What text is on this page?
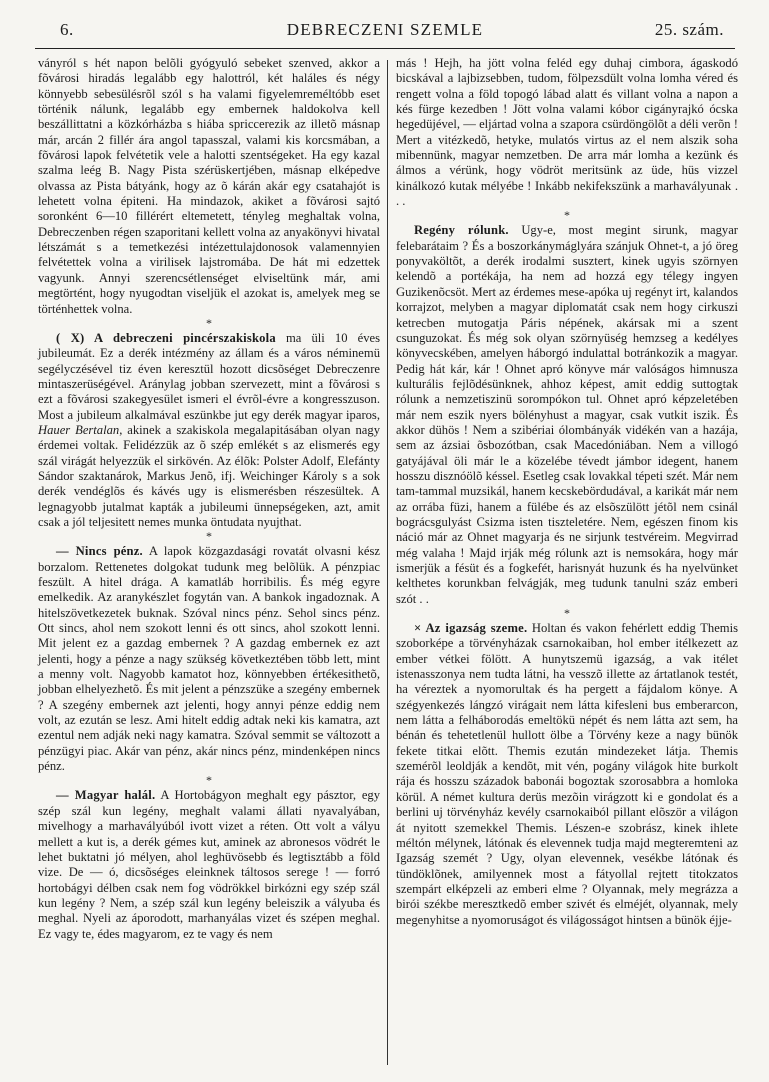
6.	DEBRECZENI SZEMLE	25. szám.

ványról s hét napon belõli gyógyuló sebeket szenved, akkor a fõvárosi hiradás legalább egy halottról, két haláles és négy könnyebb sebesülésrõl szól s ha valami figyelemreméltóbb eset történik nálunk, legalább egy embernek haldokolva kell beszállittatni a közkórházba s hiába spriccerezik az illetõ másnap már, arcán 2 fillér ára angol tapasszal, valami kis korcsmában, a fõvárosi lapok felvétetik vele a halotti szentségeket. Ha egy kazal szalma leég B. Nagy Pista szérüskertjében, másnap elképedve olvassa az Pista bátyánk, hogy az õ kárán akár egy csatahajót is lehetett volna épiteni. Ha mindazok, akiket a fõvárosi sajtó soronként 6—10 fillérért eltemetett, tényleg meghaltak volna, Debreczenben régen szaporitani kellett volna az anyakönyvi hivatal létszámát s a temetkezési intézettulajdonosok valamennyien felvétettek volna a virilisek lajstromába. De hát mi edzettek vagyunk. Annyi szerencsétlenséget elviseltünk már, ami megtörtént, hogy nyugodtan viseljük el azokat is, amelyek meg se történhettek volna.

*

( X) A debreczeni pincérszakiskola ma üli 10 éves jubileumát. Ez a derék intézmény az állam és a város néminemü segélyczésével tiz éven keresztül hozott dicsõséget Debreczenre mintaszerüségével. Aránylag jobban szervezett, mint a fõvárosi s ezt a fõvárosi szakegyesület ismeri el évrõl-évre a kongresszuson. Most a jubileum alkalmával eszünkbe jut egy derék magyar iparos, Hauer Bertalan, akinek a szakiskola megalapitásában olyan nagy érdemei voltak. Felidézzük az õ szép emlékét s az elismerés egy szál virágát helyezzük el sirkövén. Az élõk: Polster Adolf, Elefánty Sándor szaktanárok, Markus Jenõ, ifj. Weichinger Károly s a sok derék vendéglõs és kávés ugy is elismerésben részesültek. A legnagyobb jutalmat kapták a jubileumi ünnepségeken, azt, amit csak a jól teljesitett nemes munka öntudata nyujthat.

*

— Nincs pénz. A lapok közgazdasági rovatát olvasni kész borzalom. Rettenetes dolgokat tudunk meg belõlük. A pénzpiac feszült. A hitel drága. A kamatláb horribilis. És még egyre emelkedik. Az aranykészlet fogytán van. A bankok ingadoznak. A hitelszövetkezetek buknak. Szóval nincs pénz. Sehol sincs pénz. Ott sincs, ahol nem szokott lenni és ott sincs, ahol szokott lenni. Mit jelent ez a gazdag embernek ? A gazdag embernek ez azt jelenti, hogy a pénze a nagy szükség következtében több lett, mint a menny volt. Nagyobb kamatot hoz, könnyebben értékesithetõ, jobban elhelyezhetõ. És mit jelent a pénzszüke a szegény embernek ? A szegény embernek azt jelenti, hogy annyi pénze eddig nem volt, az ezután se lesz. Ami hitelt eddig adtak neki kis kamatra, azt ezentul nem adják neki nagy kamatra. Szóval semmit se változott a pénzügyi piac. Akár van pénz, akár nincs pénz, mindenképen nincs pénz.

*

— Magyar halál. A Hortobágyon meghalt egy pásztor, egy szép szál kun legény, meghalt valami állati nyavalyában, mivelhogy a marhavályúból ivott vizet a réten. Ott volt a vályu mellett a kut is, a derék gémes kut, aminek az abronesos vödrét le lehet buktatni jó mélyen, ahol leghüvösebb és legtisztább a föld vize. De — ó, dicsõséges eleinknek táltosos serege ! — forró hortobágyi délben csak nem fog vödrökkel birkózni egy szép szál kun legény ? Nem, a szép szál kun legény beleiszik a vályuba és meghal. Nyeli az áporodott, marhanyálas vizet és szépen meghal. Ez vagy te, édes magyarom, ez te vagy és nem

más ! Hejh, ha jött volna feléd egy duhaj cimbora, ágaskodó bicskával a lajbizsebben, tudom, fölpezsdült volna lomha véred és rengett volna a föld topogó lábad alatt és villant volna a napon a kés fürge kezedben ! Jött volna valami kóbor cigányrajkó ócska hegedüjével, — eljártad volna a szapora csürdöngölõt a déli verõn ! Mert a vitézkedõ, hetyke, mulatós virtus az el nem alszik soha mibennünk, magyar nemzetben. De arra már lomha a kezünk és álmos a vérünk, hogy vödröt meritsünk az üde, hüs vizzel kinálkozó kutak mélyébe ! Inkább nekifekszünk a marhavályunak . . .

*

Regény rólunk. Ugy-e, most megint sirunk, magyar felebarátaim ? És a boszorkánymáglyára szánjuk Ohnet-t, a jó öreg ponyvaköltõt, a derék irodalmi susztert, kinek ugyis szörnyen kelendõ a portékája, ha nem ad hozzá egy télegy ingyen Guzikenõcsöt. Mert az érdemes mese-apóka uj regényt irt, kalandos korrajzot, melyben a magyar diplomatát csak nem hogy cirkuszi ketrecben mutogatja Páris népének, akársak mi a szent csunguzokat. És még sok olyan szörnyüség hemzseg a kedélyes könyvecskében, amelyen háborgó indulattal botránkozik a magyar. Pedig hát kár, kár ! Ohnet apró könyve már valóságos himnusza kulturális fejlõdésünknek, ahhoz képest, amit eddig suttogtak rólunk a nemzetiszinü sorompókon tul. Ohnet apró képzeletében már nem eszik nyers bölényhust a magyar, csak vutkit iszik. És akkor dühös ! Nem a szibériai ólombányák vidékén van a hazája, sem az ázsiai õsbozótban, csak Macedóniában. Nem a villogó gatyájával öli már le a közelébe tévedt jámbor idegent, hanem hosszu disznóölõ késsel. Esetleg csak lovakkal tépeti szét. Már nem tam-tammal muzsikál, hanem kecskebördudával, a karikát már nem az orrába füzi, hanem a fülébe és az elsõszülött jétõl nem csinál bográcsgulyást Csizma isten tiszteletére. Nem, egészen finom kis náció már az Ohnet magyarja és ne sirjunk testvéreim. Megvirrad még valaha ! Majd irják még rólunk azt is nemsokára, hogy már ismerjük a fésüt és a fogkefét, harisnyát huzunk és ha nyelvünket kelthetes korunkban felvágják, meg tudunk tanulni száz emberi szót . .

*

× Az igazság szeme. Holtan és vakon fehérlett eddig Themis szoborképe a törvényházak csarnokaiban, hol ember itélkezett az ember vétkei fölött. A hunytszemü igazság, a vak itélet istenasszonya nem tudta látni, ha vesszõ illette az ártatlanok testét, ha véreztek a nyomorultak és ha pergett a fájdalom könye. A szégyenkezés lángzó virágait nem látta kifesleni bus emberarcon, nem látta a felháborodás emeltökü népét és nem látta azt sem, ha bénán és tehetetlenül hullott ölbe a Törvény keze a nagy bünök fekete titkai elõtt. Themis ezután mindezeket látja. Themis szemérõl leoldják a kendõt, mit vén, pogány világok hite burkolt rája és hosszu századok babonái bogoztak szorosabbra a homloka körül. A német kultura derüs mezõin virágzott ki e gondolat és a berlini uj törvényház kevély csarnokaiból pillant elõször a világon át nyitott szemekkel Themis. Lészen-e szobrász, kinek ihlete méltón mélynek, látónak és elevennek tudja majd megteremteni az Igazság szemét ? Ugy, olyan elevennek, vesékbe látónak és tündöklõnek, amilyennek most a fátyollal rejtett titokzatos szempárt elképzeli az emberi elme ? Olyannak, mely megrázza a birói székbe meresztkedõ ember szivét és elméjét, olyannak, mely megenyhitse a nyomoruságot és világosságot hintsen a bünök éjje-
